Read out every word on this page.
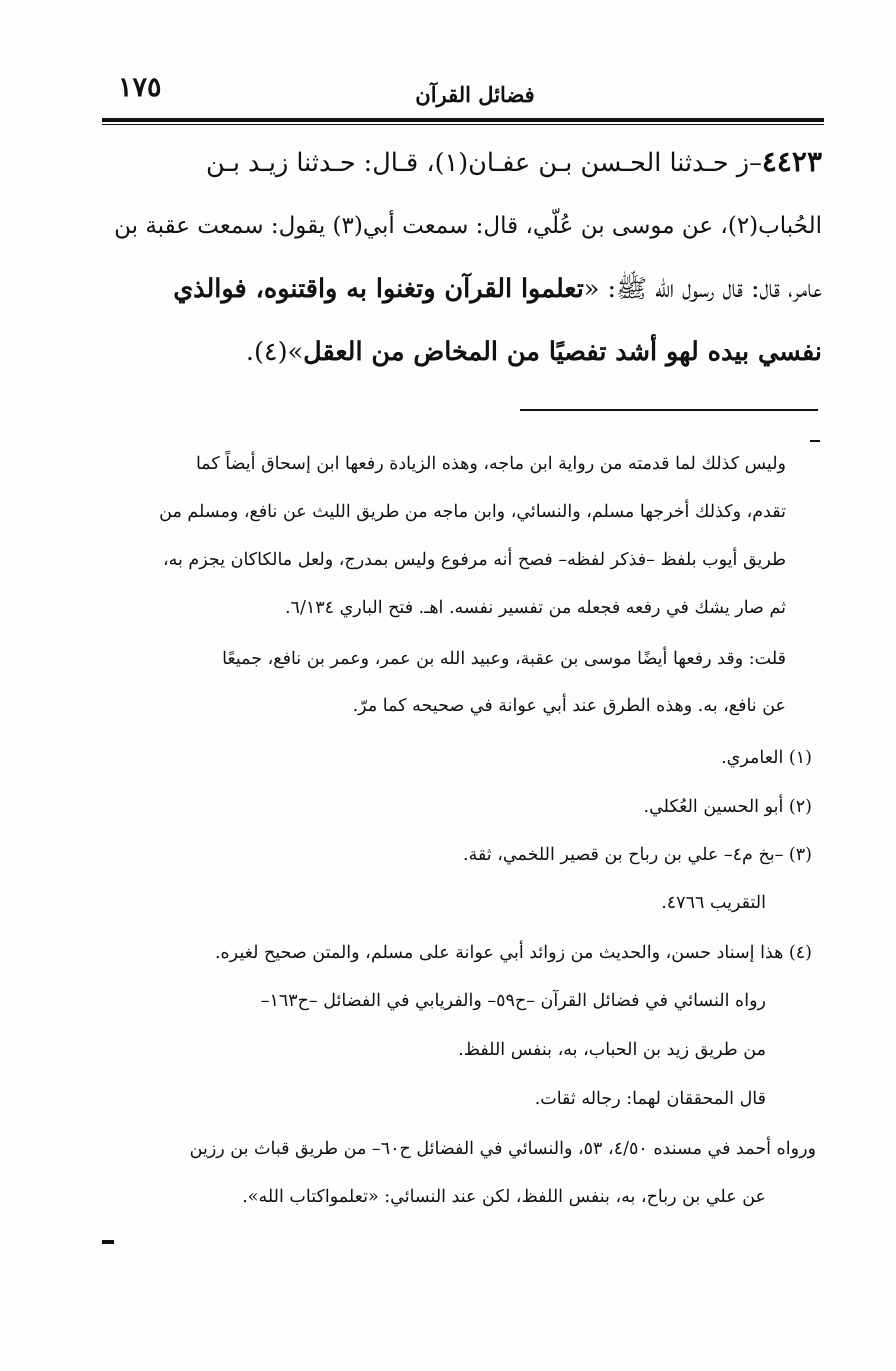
١٧٥	فضائل القرآن
٤٤٢٣–ز حـدثنا الحـسن بـن عفـان(١)، قـال: حـدثنا زيـد بـن
الحُباب(٢)، عن موسى بن عُلّي، قال: سمعت أبي(٣) يقول: سمعت عقبة بن
عامر، قال: قال رسول الله ﷺ: «تعلموا القرآن وتغنوا به واقتنوه، فوالذي
نفسي بيده لهو أشد تفصيًا من المخاض من العقل»(٤).
وليس كذلك لما قدمته من رواية ابن ماجه، وهذه الزيادة رفعها ابن إسحاق أيضاً كما
تقدم، وكذلك أخرجها مسلم، والنسائي، وابن ماجه من طريق الليث عن نافع، ومسلم من
طريق أيوب بلفظ –فذكر لفظه– فصح أنه مرفوع وليس بمدرج، ولعل مالكاكان يجزم به،
ثم صار يشك في رفعه فجعله من تفسير نفسه. اهـ. فتح الباري ٦/١٣٤.
قلت: وقد رفعها أيضًا موسى بن عقبة، وعبيد الله بن عمر، وعمر بن نافع، جميعًا
عن نافع، به. وهذه الطرق عند أبي عوانة في صحيحه كما مرّ.
(١) العامري.
(٢) أبو الحسين العُكلي.
(٣) –بخ م٤– علي بن رباح بن قصير اللخمي، ثقة.
التقريب ٤٧٦٦.
(٤) هذا إسناد حسن، والحديث من زوائد أبي عوانة على مسلم، والمتن صحيح لغيره.
رواه النسائي في فضائل القرآن –ح٥٩– والفريابي في الفضائل –ح١٦٣–
من طريق زيد بن الحباب، به، بنفس اللفظ.
قال المحققان لهما: رجاله ثقات.
ورواه أحمد في مسنده ٤/٥٠، ٥٣، والنسائي في الفضائل ح٦٠– من طريق قباث بن رزين
عن علي بن رباح، به، بنفس اللفظ، لكن عند النسائي: «تعلمواكتاب الله».
